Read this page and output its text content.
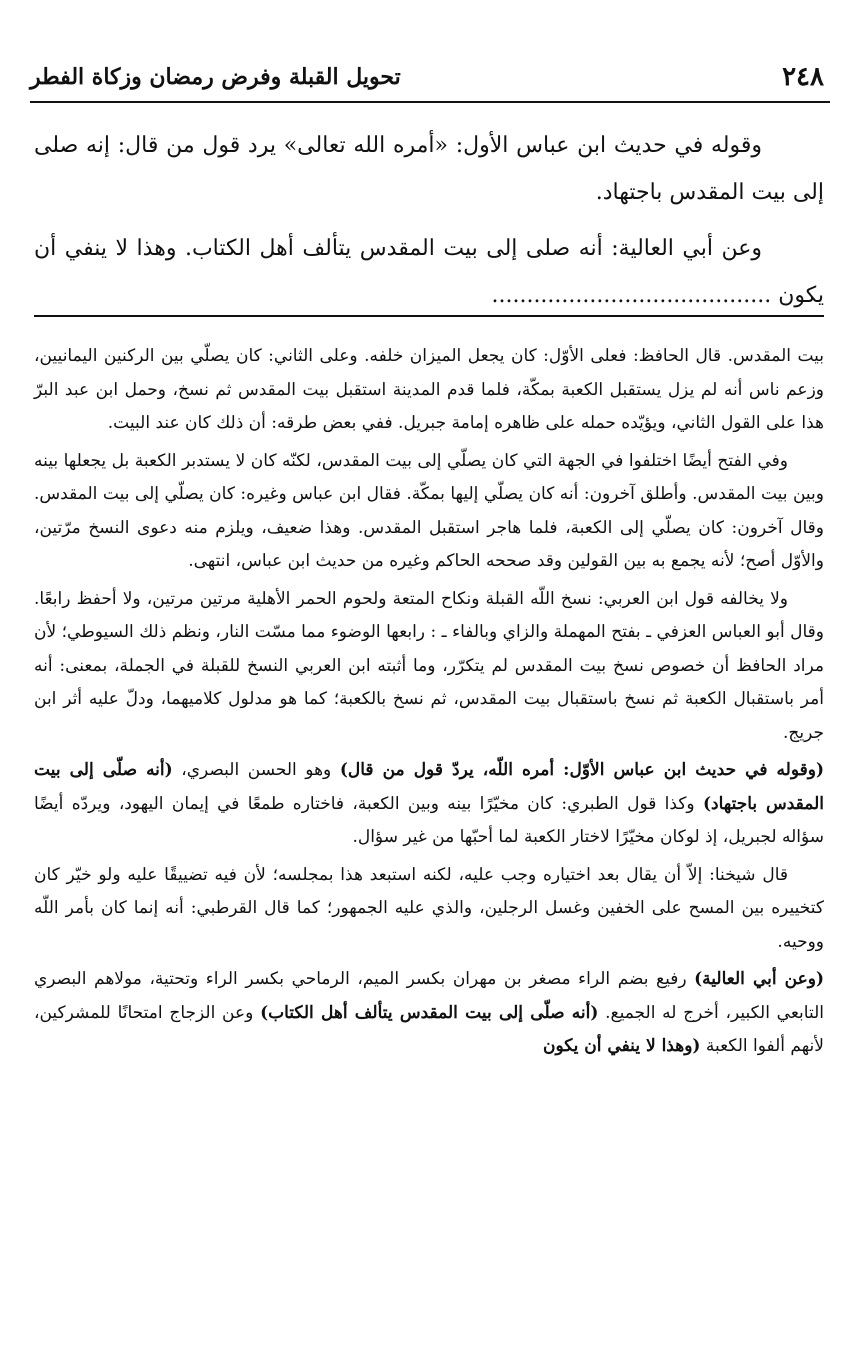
٢٤٨
تحويل القبلة وفرض رمضان وزكاة الفطر

وقوله في حديث ابن عباس الأول: «أمره الله تعالى» يرد قول من قال: إنه صلى إلى بيت المقدس باجتهاد.

وعن أبي العالية: أنه صلى إلى بيت المقدس يتألف أهل الكتاب. وهذا لا ينفي أن يكون ........................................

بيت المقدس. قال الحافظ: فعلى الأوّل: كان يجعل الميزان خلفه. وعلى الثاني: كان يصلّي بين الركنين اليمانيين، وزعم ناس أنه لم يزل يستقبل الكعبة بمكّة، فلما قدم المدينة استقبل بيت المقدس ثم نسخ، وحمل ابن عبد البرّ هذا على القول الثاني، ويؤيّده حمله على ظاهره إمامة جبريل. ففي بعض طرقه: أن ذلك كان عند البيت.

وفي الفتح أيضًا اختلفوا في الجهة التي كان يصلّي إلى بيت المقدس، لكنّه كان لا يستدبر الكعبة بل يجعلها بينه وبين بيت المقدس. وأطلق آخرون: أنه كان يصلّي إليها بمكّة. فقال ابن عباس وغيره: كان يصلّي إلى بيت المقدس. وقال آخرون: كان يصلّي إلى الكعبة، فلما هاجر استقبل المقدس. وهذا ضعيف، ويلزم منه دعوى النسخ مرّتين، والأوّل أصح؛ لأنه يجمع به بين القولين وقد صححه الحاكم وغيره من حديث ابن عباس، انتهى.

ولا يخالفه قول ابن العربي: نسخ اللّه القبلة ونكاح المتعة ولحوم الحمر الأهلية مرتين مرتين، ولا أحفظ رابعًا. وقال أبو العباس العزفي ـ بفتح المهملة والزاي وبالفاء ـ : رابعها الوضوء مما مسّت النار، ونظم ذلك السيوطي؛ لأن مراد الحافظ أن خصوص نسخ بيت المقدس لم يتكرّر، وما أثبته ابن العربي النسخ للقبلة في الجملة، بمعنى: أنه أمر باستقبال الكعبة ثم نسخ باستقبال بيت المقدس، ثم نسخ بالكعبة؛ كما هو مدلول كلاميهما، ودلّ عليه أثر ابن جريج.

(وقوله في حديث ابن عباس الأوّل: أمره اللّه، يردّ قول من قال) وهو الحسن البصري، (أنه صلّى إلى بيت المقدس باجتهاد) وكذا قول الطبري: كان مخيّرًا بينه وبين الكعبة، فاختاره طمعًا في إيمان اليهود، ويردّه أيضًا سؤاله لجبريل، إذ لوكان مخيّرًا لاختار الكعبة لما أحبّها من غير سؤال.

قال شيخنا: إلاّ أن يقال بعد اختياره وجب عليه، لكنه استبعد هذا بمجلسه؛ لأن فيه تضييقًا عليه ولو خيّر كان كتخييره بين المسح على الخفين وغسل الرجلين، والذي عليه الجمهور؛ كما قال القرطبي: أنه إنما كان بأمر اللّه ووحيه.

(وعن أبي العالية) رفيع بضم الراء مصغر بن مهران بكسر الميم، الرماحي بكسر الراء وتحتية، مولاهم البصري التابعي الكبير، أخرج له الجميع. (أنه صلّى إلى بيت المقدس يتألف أهل الكتاب) وعن الزجاج امتحانًا للمشركين، لأنهم ألفوا الكعبة (وهذا لا ينفي أن يكون
